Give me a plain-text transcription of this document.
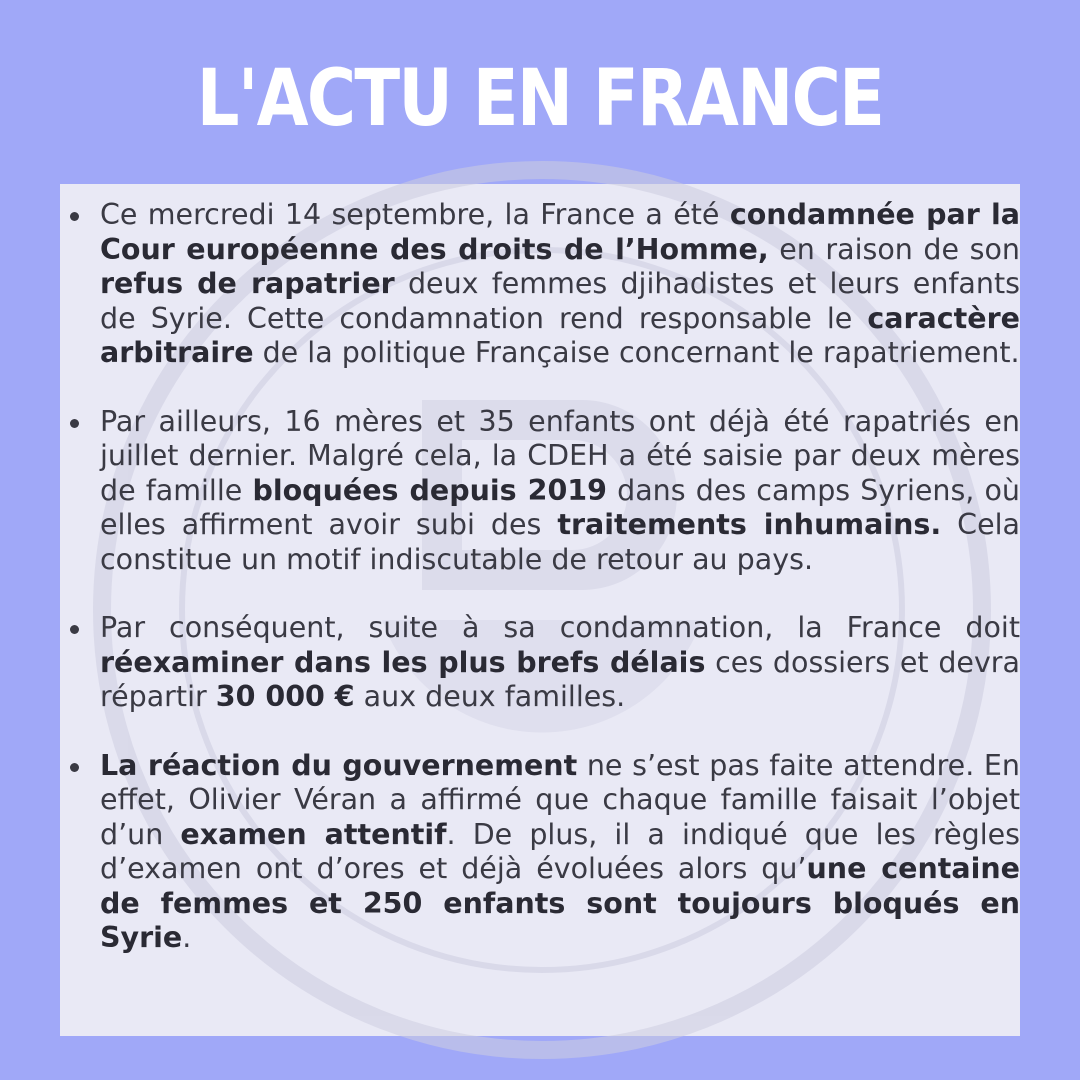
L'ACTU EN FRANCE
Ce mercredi 14 septembre, la France a été condamnée par la Cour européenne des droits de l’Homme, en raison de son refus de rapatrier deux femmes djihadistes et leurs enfants de Syrie. Cette condamnation rend responsable le caractère arbitraire de la politique Française concernant le rapatriement.
Par ailleurs, 16 mères et 35 enfants ont déjà été rapatriés en juillet dernier. Malgré cela, la CDEH a été saisie par deux mères de famille bloquées depuis 2019 dans des camps Syriens, où elles affirment avoir subi des traitements inhumains. Cela constitue un motif indiscutable de retour au pays.
Par conséquent, suite à sa condamnation, la France doit réexaminer dans les plus brefs délais ces dossiers et devra répartir 30 000 € aux deux familles.
La réaction du gouvernement ne s’est pas faite attendre. En effet, Olivier Véran a affirmé que chaque famille faisait l’objet d’un examen attentif. De plus, il a indiqué que les règles d’examen ont d’ores et déjà évoluées alors qu’une centaine de femmes et 250 enfants sont toujours bloqués en Syrie.
